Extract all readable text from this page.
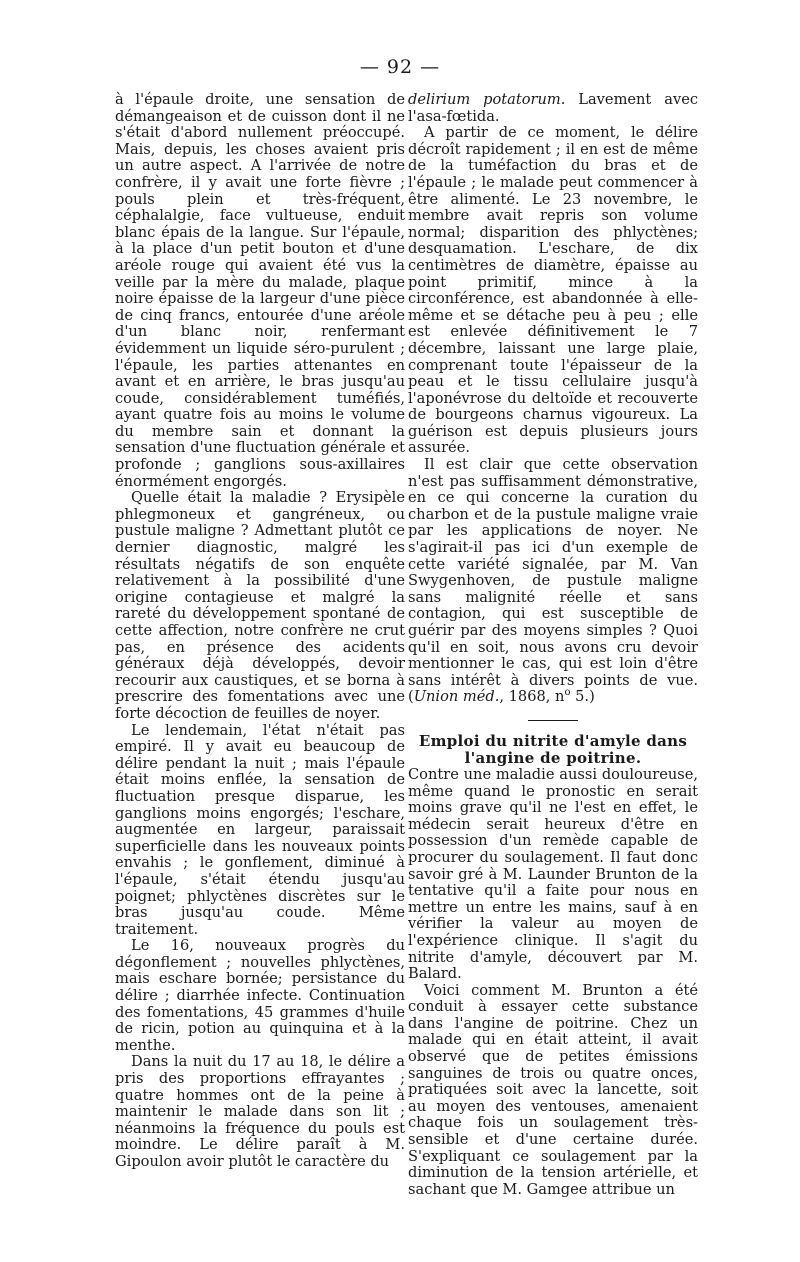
— 92 —

à l'épaule droite, une sensation de démangeaison et de cuisson dont il ne s'était d'abord nullement préoccupé. Mais, depuis, les choses avaient pris un autre aspect. A l'arrivée de notre confrère, il y avait une forte fièvre ; pouls plein et très-fréquent, céphalalgie, face vultueuse, enduit blanc épais de la langue. Sur l'épaule, à la place d'un petit bouton et d'une aréole rouge qui avaient été vus la veille par la mère du malade, plaque noire épaisse de la largeur d'une pièce de cinq francs, entourée d'une aréole d'un blanc noir, renfermant évidemment un liquide séro-purulent ; l'épaule, les parties attenantes en avant et en arrière, le bras jusqu'au coude, considérablement tuméfiés, ayant quatre fois au moins le volume du membre sain et donnant la sensation d'une fluctuation générale et profonde ; ganglions sous-axillaires énormément engorgés.

Quelle était la maladie ? Erysipèle phlegmoneux et gangréneux, ou pustule maligne ? Admettant plutôt ce dernier diagnostic, malgré les résultats négatifs de son enquête relativement à la possibilité d'une origine contagieuse et malgré la rareté du développement spontané de cette affection, notre confrère ne crut pas, en présence des acidents généraux déjà développés, devoir recourir aux caustiques, et se borna à prescrire des fomentations avec une forte décoction de feuilles de noyer.

Le lendemain, l'état n'était pas empiré. Il y avait eu beaucoup de délire pendant la nuit ; mais l'épaule était moins enflée, la sensation de fluctuation presque disparue, les ganglions moins engorgés; l'eschare, augmentée en largeur, paraissait superficielle dans les nouveaux points envahis ; le gonflement, diminué à l'épaule, s'était étendu jusqu'au poignet; phlyctènes discrètes sur le bras jusqu'au coude. Même traitement.

Le 16, nouveaux progrès du dégonflement ; nouvelles phlyctènes, mais eschare bornée; persistance du délire ; diarrhée infecte. Continuation des fomentations, 45 grammes d'huile de ricin, potion au quinquina et à la menthe.

Dans la nuit du 17 au 18, le délire a pris des proportions effrayantes ; quatre hommes ont de la peine à maintenir le malade dans son lit ; néanmoins la fréquence du pouls est moindre. Le délire paraît à M. Gipoulon avoir plutôt le caractère du

delirium potatorum. Lavement avec l'asa-fœtida.

A partir de ce moment, le délire décroît rapidement ; il en est de même de la tuméfaction du bras et de l'épaule ; le malade peut commencer à être alimenté. Le 23 novembre, le membre avait repris son volume normal; disparition des phlyctènes; desquamation. L'eschare, de dix centimètres de diamètre, épaisse au point primitif, mince à la circonférence, est abandonnée à elle-même et se détache peu à peu ; elle est enlevée définitivement le 7 décembre, laissant une large plaie, comprenant toute l'épaisseur de la peau et le tissu cellulaire jusqu'à l'aponévrose du deltoïde et recouverte de bourgeons charnus vigoureux. La guérison est depuis plusieurs jours assurée.

Il est clair que cette observation n'est pas suffisamment démonstrative, en ce qui concerne la curation du charbon et de la pustule maligne vraie par les applications de noyer. Ne s'agirait-il pas ici d'un exemple de cette variété signalée, par M. Van Swygenhoven, de pustule maligne sans malignité réelle et sans contagion, qui est susceptible de guérir par des moyens simples ? Quoi qu'il en soit, nous avons cru devoir mentionner le cas, qui est loin d'être sans intérêt à divers points de vue.(Union méd., 1868, $n^o$ 5.)

Emploi du nitrite d'amyle dans l'angine de poitrine.

Contre une maladie aussi douloureuse, même quand le pronostic en serait moins grave qu'il ne l'est en effet, le médecin serait heureux d'être en possession d'un remède capable de procurer du soulagement. Il faut donc savoir gré à M. Launder Brunton de la tentative qu'il a faite pour nous en mettre un entre les mains, sauf à en vérifier la valeur au moyen de l'expérience clinique. Il s'agit du nitrite d'amyle, découvert par M. Balard.

Voici comment M. Brunton a été conduit à essayer cette substance dans l'angine de poitrine. Chez un malade qui en était atteint, il avait observé que de petites émissions sanguines de trois ou quatre onces, pratiquées soit avec la lancette, soit au moyen des ventouses, amenaient chaque fois un soulagement très-sensible et d'une certaine durée. S'expliquant ce soulagement par la diminution de la tension artérielle, et sachant que M. Gamgee attribue un
